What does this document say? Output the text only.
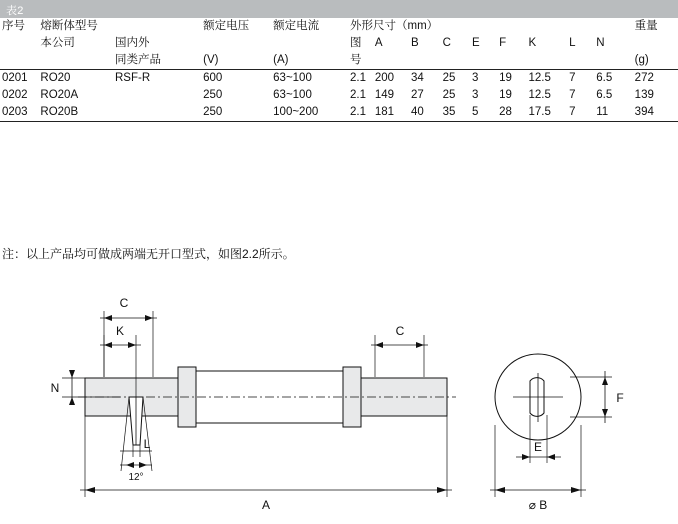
表2
序号	熔断体型号		额定电压	额定电流	外形尺寸（mm）									重量
	本公司	国内外			图	A	B	C	E	F	K	L	N	
		同类产品	(V)	(A)	号									(g)
0201	RO20	RSF-R	600	63~100	2.1	200	34	25	3	19	12.5	7	6.5	272
0202	RO20A		250	63~100	2.1	149	27	25	3	19	12.5	7	6.5	139
0203	RO20B		250	100~200	2.1	181	40	35	5	28	17.5	7	11	394
注：以上产品均可做成两端无开口型式，如图2.2所示。
C
K
N
L
12°
C
A
E
F
⌀ B
